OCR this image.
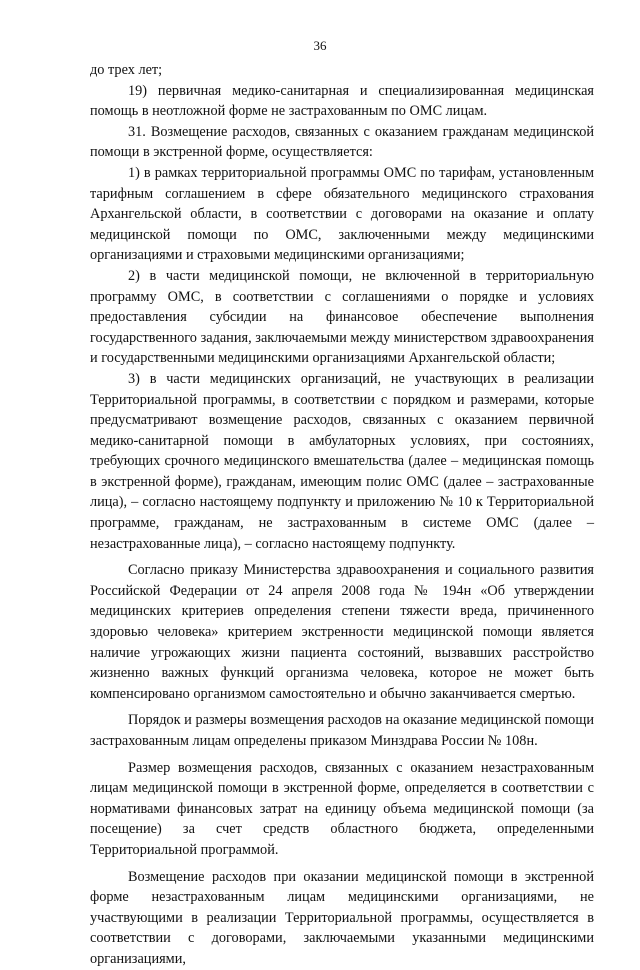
36

до трех лет;

19) первичная медико-санитарная и специализированная медицинская помощь в неотложной форме не застрахованным по ОМС лицам.

31. Возмещение расходов, связанных с оказанием гражданам медицинской помощи в экстренной форме, осуществляется:

1) в рамках территориальной программы ОМС по тарифам, установленным тарифным соглашением в сфере обязательного медицинского страхования Архангельской области, в соответствии с договорами на оказание и оплату медицинской помощи по ОМС, заключенными между медицинскими организациями и страховыми медицинскими организациями;

2) в части медицинской помощи, не включенной в территориальную программу ОМС, в соответствии с соглашениями о порядке и условиях предоставления субсидии на финансовое обеспечение выполнения государственного задания, заключаемыми между министерством здравоохранения и государственными медицинскими организациями Архангельской области;

3) в части медицинских организаций, не участвующих в реализации Территориальной программы, в соответствии с порядком и размерами, которые предусматривают возмещение расходов, связанных с оказанием первичной медико-санитарной помощи в амбулаторных условиях, при состояниях, требующих срочного медицинского вмешательства (далее – медицинская помощь в экстренной форме), гражданам, имеющим полис ОМС (далее – застрахованные лица), – согласно настоящему подпункту и приложению № 10 к Территориальной программе, гражданам, не застрахованным в системе ОМС (далее – незастрахованные лица), – согласно настоящему подпункту.

Согласно приказу Министерства здравоохранения и социального развития Российской Федерации от 24 апреля 2008 года № 194н «Об утверждении медицинских критериев определения степени тяжести вреда, причиненного здоровью человека» критерием экстренности медицинской помощи является наличие угрожающих жизни пациента состояний, вызвавших расстройство жизненно важных функций организма человека, которое не может быть компенсировано организмом самостоятельно и обычно заканчивается смертью.

Порядок и размеры возмещения расходов на оказание медицинской помощи застрахованным лицам определены приказом Минздрава России № 108н.

Размер возмещения расходов, связанных с оказанием незастрахованным лицам медицинской помощи в экстренной форме, определяется в соответствии с нормативами финансовых затрат на единицу объема медицинской помощи (за посещение) за счет средств областного бюджета, определенными Территориальной программой.

Возмещение расходов при оказании медицинской помощи в экстренной форме незастрахованным лицам медицинскими организациями, не участвующими в реализации Территориальной программы, осуществляется в соответствии с договорами, заключаемыми указанными медицинскими организациями,
